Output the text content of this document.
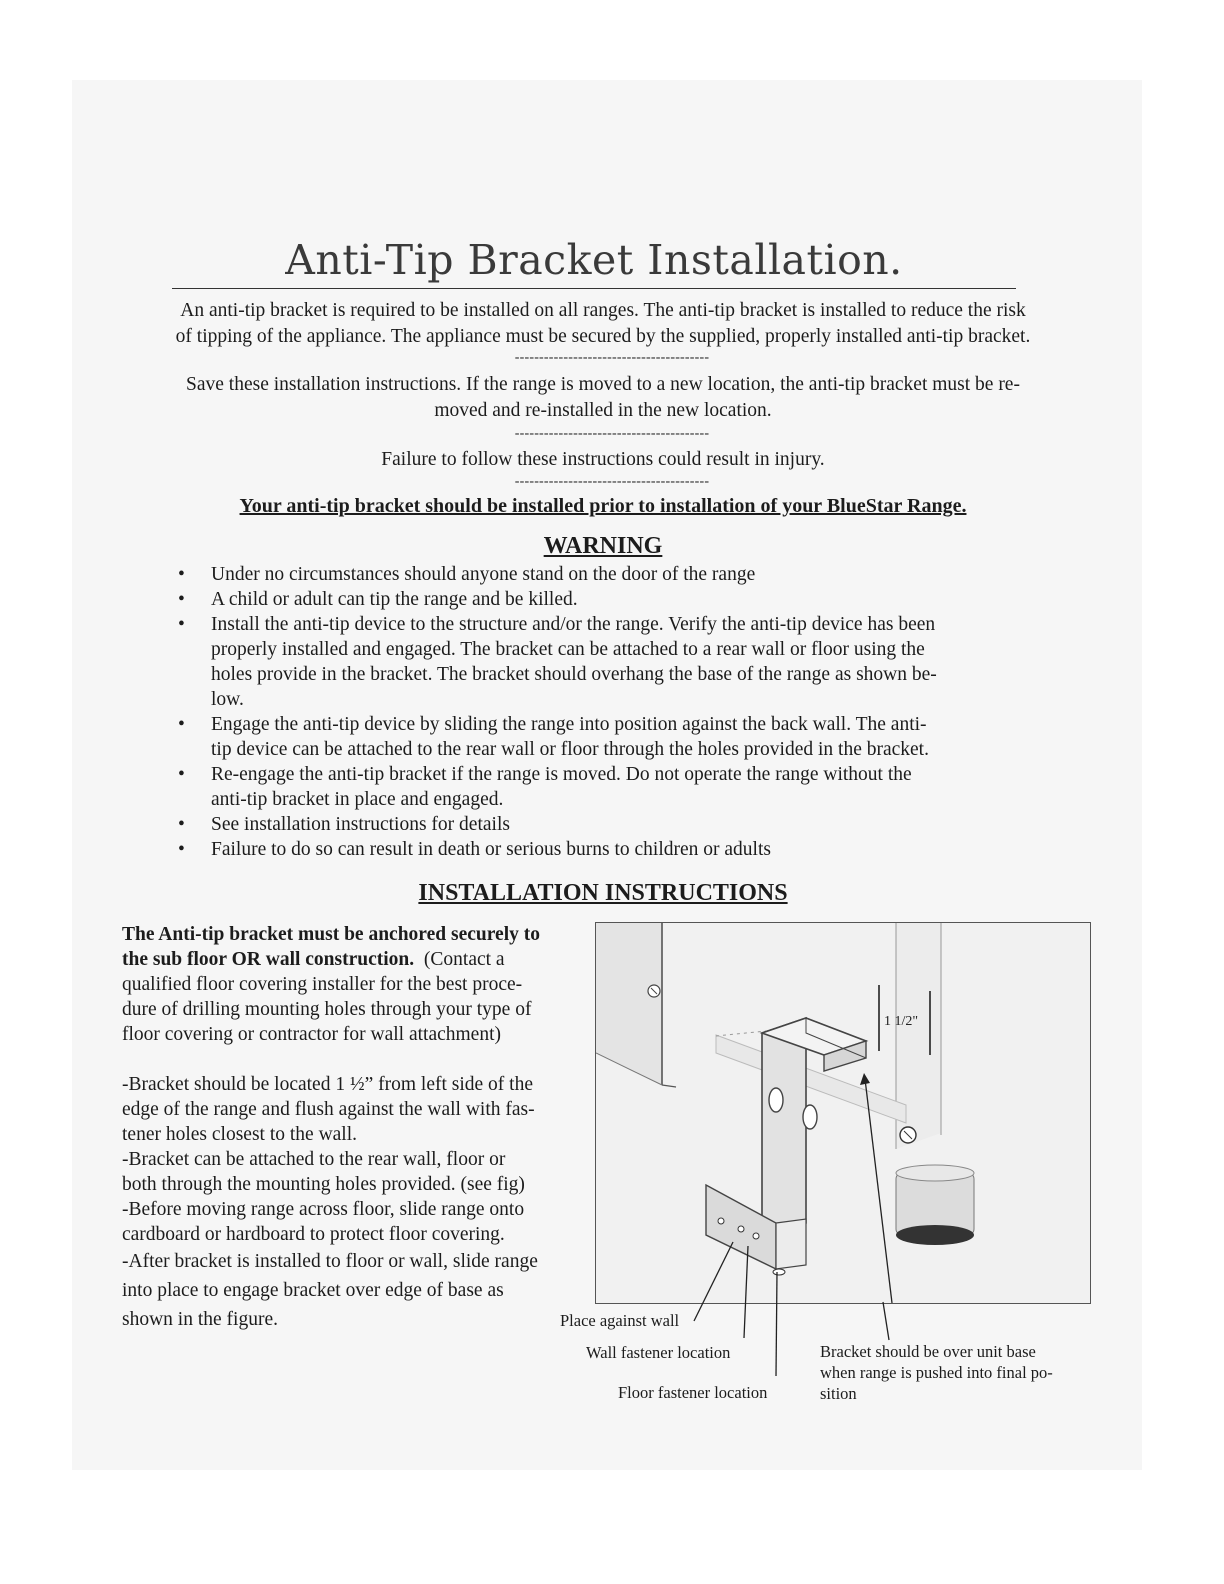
Anti-Tip Bracket Installation.
An anti-tip bracket is required to be installed on all ranges. The anti-tip bracket is installed to reduce the risk
of tipping of the appliance. The appliance must be secured by the supplied, properly installed anti-tip bracket.
----------------------------------------
Save these installation instructions. If the range is moved to a new location, the anti-tip bracket must be re-
moved and re-installed in the new location.
----------------------------------------
Failure to follow these instructions could result in injury.
----------------------------------------
Your anti-tip bracket should be installed prior to installation of your BlueStar Range.
WARNING
• Under no circumstances should anyone stand on the door of the range
• A child or adult can tip the range and be killed.
• Install the anti-tip device to the structure and/or the range. Verify the anti-tip device has been
properly installed and engaged. The bracket can be attached to a rear wall or floor using the
holes provide in the bracket. The bracket should overhang the base of the range as shown be-
low.
• Engage the anti-tip device by sliding the range into position against the back wall. The anti-
tip device can be attached to the rear wall or floor through the holes provided in the bracket.
• Re-engage the anti-tip bracket if the range is moved. Do not operate the range without the
anti-tip bracket in place and engaged.
• See installation instructions for details
• Failure to do so can result in death or serious burns to children or adults
INSTALLATION INSTRUCTIONS

The Anti-tip bracket must be anchored securely to

the sub floor OR wall construction.  (Contact a

qualified floor covering installer for the best proce-

dure of drilling mounting holes through your type of

floor covering or contractor for wall attachment)

-Bracket should be located 1 ½” from left side of the

edge of the range and flush against the wall with fas-

tener holes closest to the wall.

-Bracket can be attached to the rear wall, floor or

both through the mounting holes provided. (see fig)

-Before moving range across floor, slide range onto

cardboard or hardboard to protect floor covering.

-After bracket is installed to floor or wall, slide range

into place to engage bracket over edge of base as

shown in the figure.

1 1/2"
Place against wall
Wall fastener location
Floor fastener location
Bracket should be over unit base
when range is pushed into final po-
sition
